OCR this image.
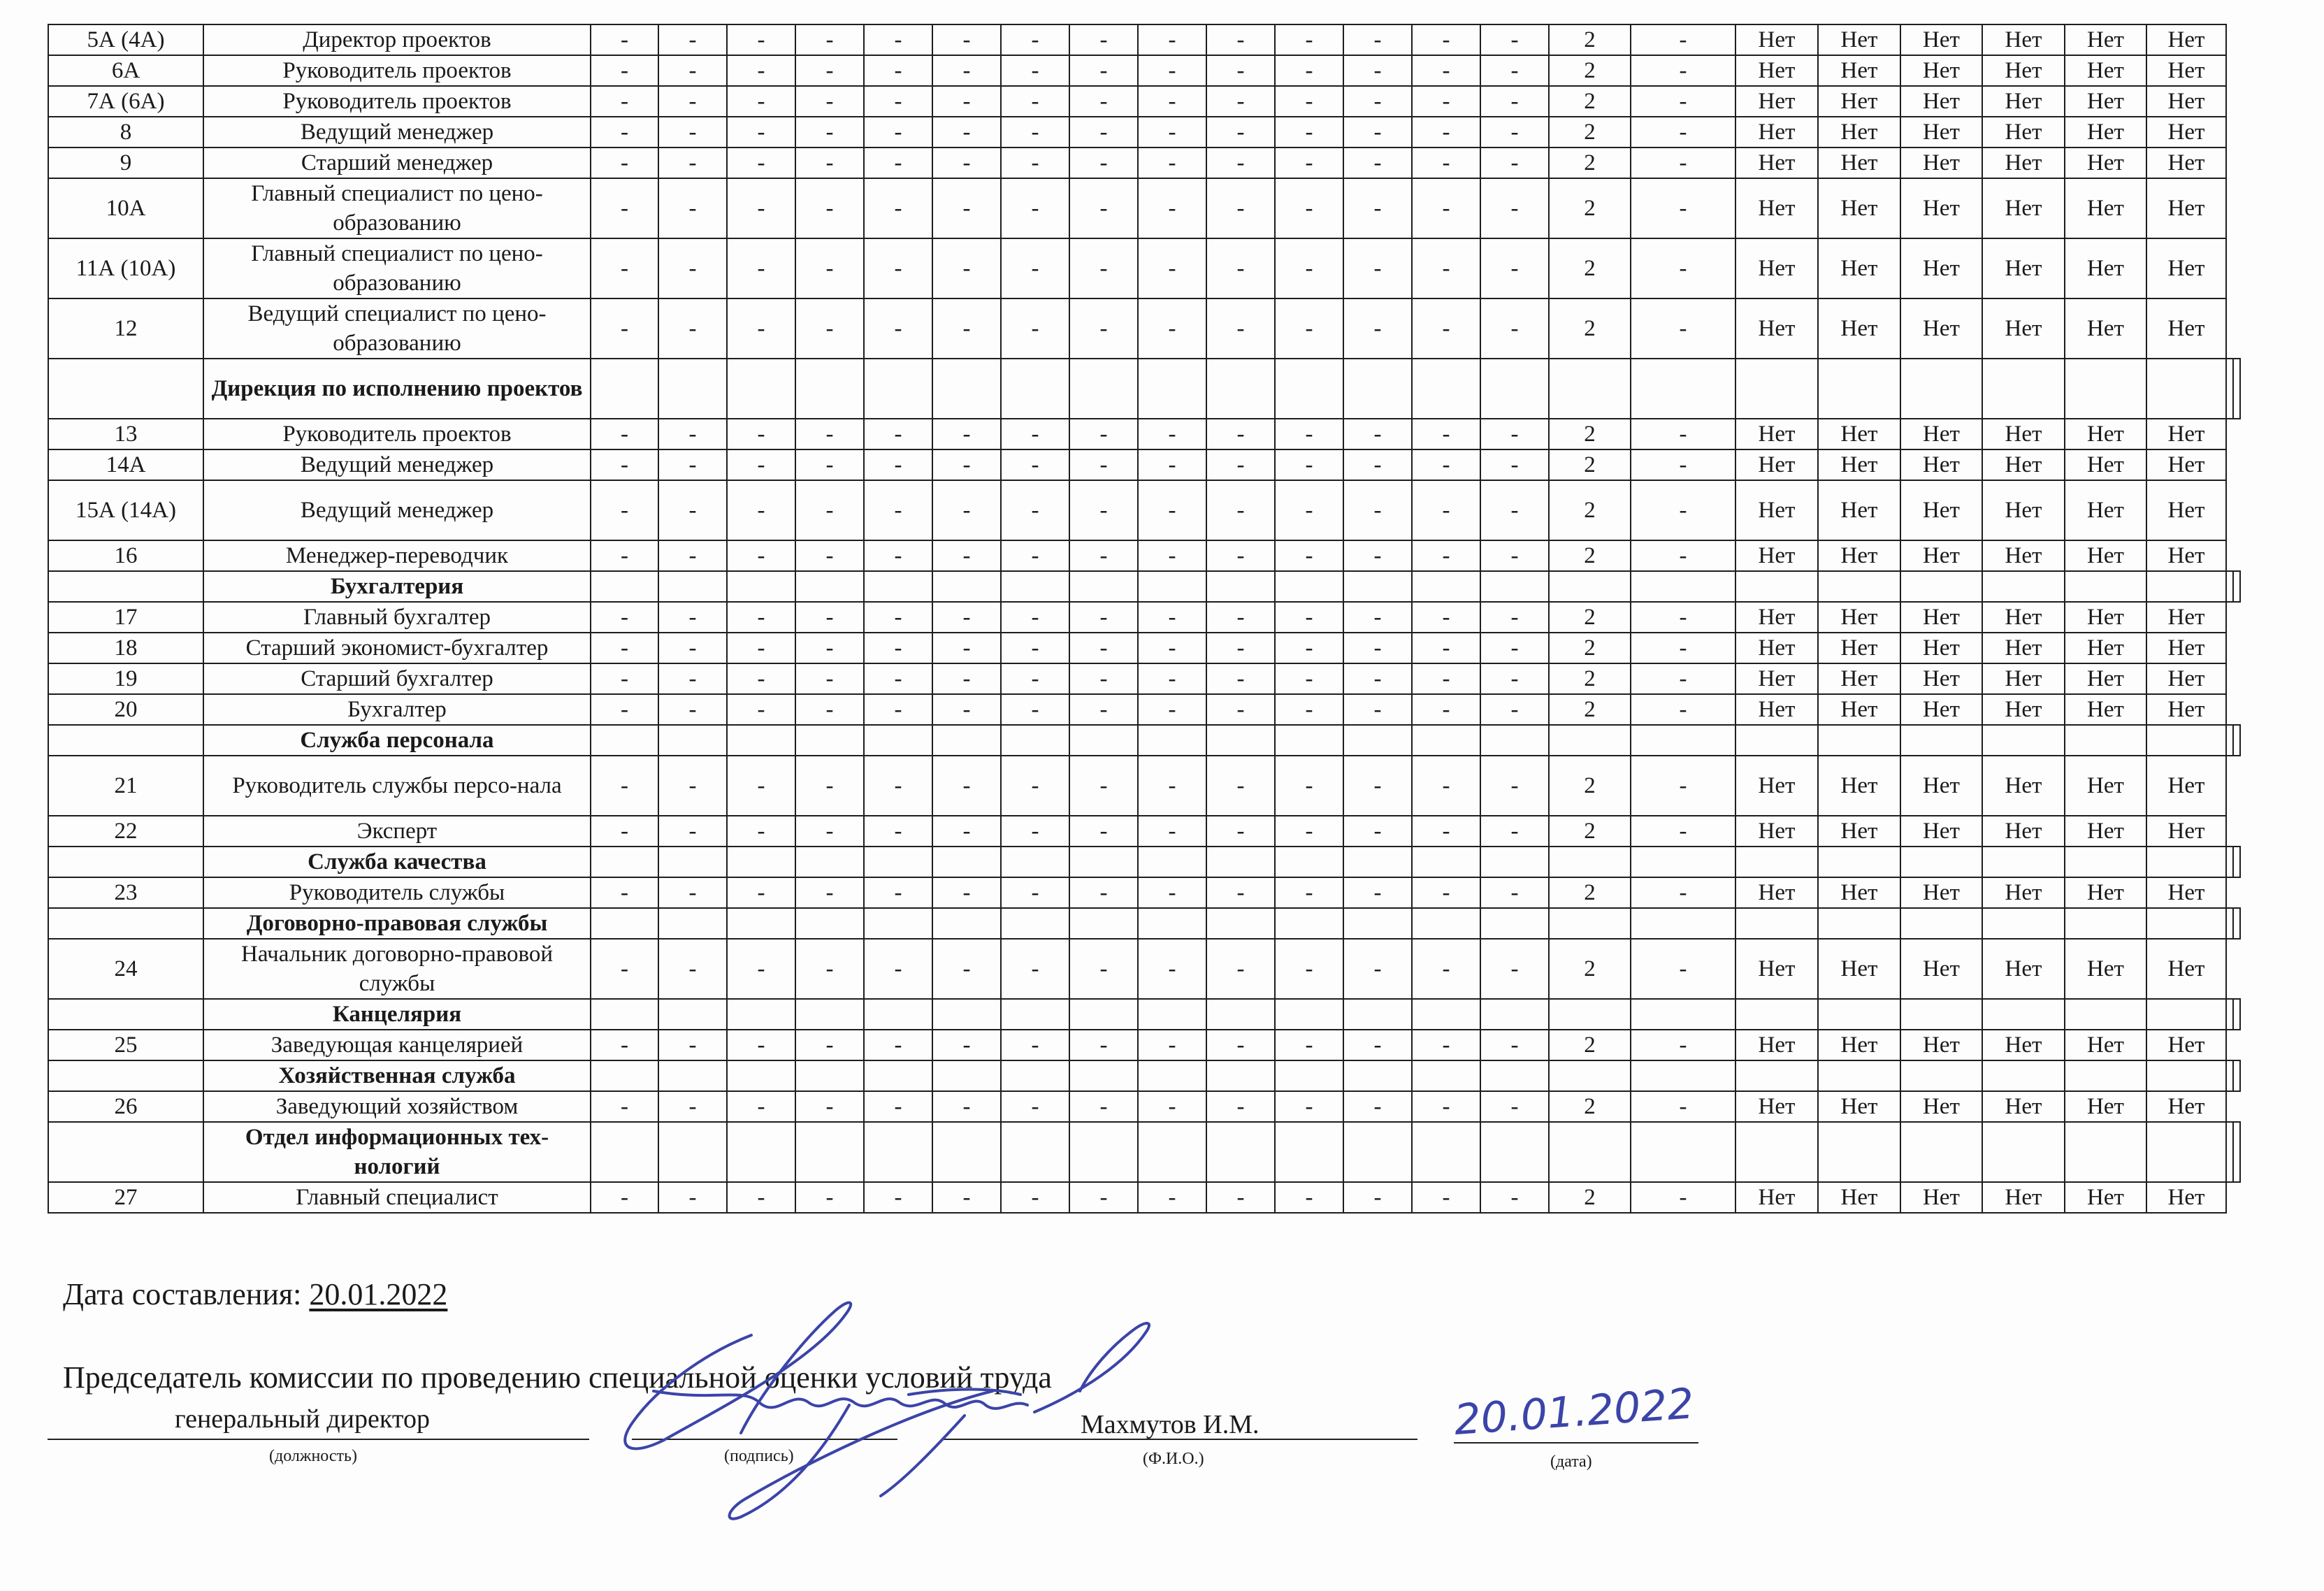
5А (4А)	Директор проектов	-	-	-	-	-	-	-	-	-	-	-	-	-	-	2	-	Нет	Нет	Нет	Нет	Нет	Нет		
6А	Руководитель проектов	-	-	-	-	-	-	-	-	-	-	-	-	-	-	2	-	Нет	Нет	Нет	Нет	Нет	Нет		
7А (6А)	Руководитель проектов	-	-	-	-	-	-	-	-	-	-	-	-	-	-	2	-	Нет	Нет	Нет	Нет	Нет	Нет		
8	Ведущий менеджер	-	-	-	-	-	-	-	-	-	-	-	-	-	-	2	-	Нет	Нет	Нет	Нет	Нет	Нет		
9	Старший менеджер	-	-	-	-	-	-	-	-	-	-	-	-	-	-	2	-	Нет	Нет	Нет	Нет	Нет	Нет		
10А	Главный специалист по цено-образованию	-	-	-	-	-	-	-	-	-	-	-	-	-	-	2	-	Нет	Нет	Нет	Нет	Нет	Нет		
11А (10А)	Главный специалист по цено-образованию	-	-	-	-	-	-	-	-	-	-	-	-	-	-	2	-	Нет	Нет	Нет	Нет	Нет	Нет		
12	Ведущий специалист по цено-образованию	-	-	-	-	-	-	-	-	-	-	-	-	-	-	2	-	Нет	Нет	Нет	Нет	Нет	Нет		
	Дирекция по исполнению проектов																								
13	Руководитель проектов	-	-	-	-	-	-	-	-	-	-	-	-	-	-	2	-	Нет	Нет	Нет	Нет	Нет	Нет		
14А	Ведущий менеджер	-	-	-	-	-	-	-	-	-	-	-	-	-	-	2	-	Нет	Нет	Нет	Нет	Нет	Нет		
15А (14А)	Ведущий менеджер	-	-	-	-	-	-	-	-	-	-	-	-	-	-	2	-	Нет	Нет	Нет	Нет	Нет	Нет		
16	Менеджер-переводчик	-	-	-	-	-	-	-	-	-	-	-	-	-	-	2	-	Нет	Нет	Нет	Нет	Нет	Нет		
	Бухгалтерия																								
17	Главный бухгалтер	-	-	-	-	-	-	-	-	-	-	-	-	-	-	2	-	Нет	Нет	Нет	Нет	Нет	Нет		
18	Старший экономист-бухгалтер	-	-	-	-	-	-	-	-	-	-	-	-	-	-	2	-	Нет	Нет	Нет	Нет	Нет	Нет		
19	Старший бухгалтер	-	-	-	-	-	-	-	-	-	-	-	-	-	-	2	-	Нет	Нет	Нет	Нет	Нет	Нет		
20	Бухгалтер	-	-	-	-	-	-	-	-	-	-	-	-	-	-	2	-	Нет	Нет	Нет	Нет	Нет	Нет		
	Служба персонала																								
21	Руководитель службы персо-нала	-	-	-	-	-	-	-	-	-	-	-	-	-	-	2	-	Нет	Нет	Нет	Нет	Нет	Нет		
22	Эксперт	-	-	-	-	-	-	-	-	-	-	-	-	-	-	2	-	Нет	Нет	Нет	Нет	Нет	Нет		
	Служба качества																								
23	Руководитель службы	-	-	-	-	-	-	-	-	-	-	-	-	-	-	2	-	Нет	Нет	Нет	Нет	Нет	Нет		
	Договорно-правовая службы																								
24	Начальник договорно-правовой службы	-	-	-	-	-	-	-	-	-	-	-	-	-	-	2	-	Нет	Нет	Нет	Нет	Нет	Нет		
	Канцелярия																								
25	Заведующая канцелярией	-	-	-	-	-	-	-	-	-	-	-	-	-	-	2	-	Нет	Нет	Нет	Нет	Нет	Нет		
	Хозяйственная служба																								
26	Заведующий хозяйством	-	-	-	-	-	-	-	-	-	-	-	-	-	-	2	-	Нет	Нет	Нет	Нет	Нет	Нет		
	Отдел информационных тех-нологий																								
27	Главный специалист	-	-	-	-	-	-	-	-	-	-	-	-	-	-	2	-	Нет	Нет	Нет	Нет	Нет	Нет		
Дата составления: 20.01.2022
Председатель комиссии по проведению специальной оценки условий труда
генеральный директор	Махмутов И.М.
(должность)	(подпись)	(Ф.И.О.)	(дата)
20.01.2022
